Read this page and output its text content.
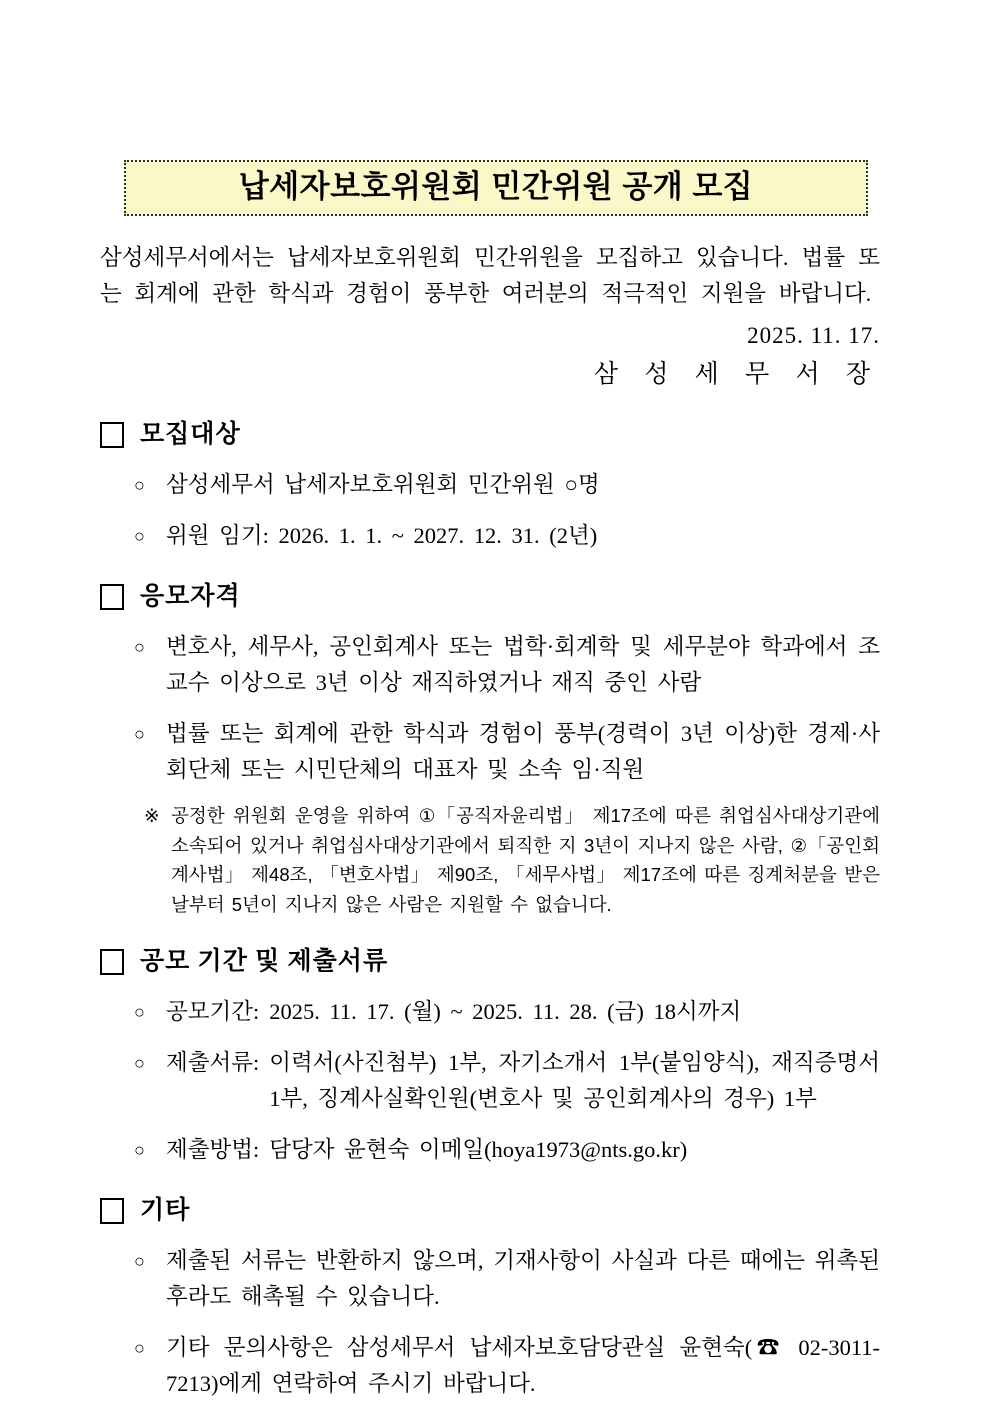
납세자보호위원회 민간위원 공개 모집

삼성세무서에서는 납세자보호위원회 민간위원을 모집하고 있습니다. 법률 또는 회계에 관한 학식과 경험이 풍부한 여러분의 적극적인 지원을 바랍니다.

2025. 11. 17.
삼 성 세 무 서 장
모집대상
○ 삼성세무서 납세자보호위원회 민간위원 ○명
○ 위원 임기: 2026. 1. 1. ~ 2027. 12. 31. (2년)
응모자격
○ 변호사, 세무사, 공인회계사 또는 법학·회계학 및 세무분야 학과에서 조교수 이상으로 3년 이상 재직하였거나 재직 중인 사람
○ 법률 또는 회계에 관한 학식과 경험이 풍부(경력이 3년 이상)한 경제·사회단체 또는 시민단체의 대표자 및 소속 임·직원
※ 공정한 위원회 운영을 위하여 ①「공직자윤리법」 제17조에 따른 취업심사대상기관에 소속되어 있거나 취업심사대상기관에서 퇴직한 지 3년이 지나지 않은 사람, ②「공인회계사법」 제48조, 「변호사법」 제90조, 「세무사법」 제17조에 따른 징계처분을 받은 날부터 5년이 지나지 않은 사람은 지원할 수 없습니다.
공모 기간 및 제출서류
○ 공모기간: 2025. 11. 17. (월) ~ 2025. 11. 28. (금) 18시까지
○ 제출서류: 이력서(사진첨부) 1부, 자기소개서 1부(붙임양식), 재직증명서 1부, 징계사실확인원(변호사 및 공인회계사의 경우) 1부
○ 제출방법: 담당자 윤현숙 이메일(hoya1973@nts.go.kr)
기타
○ 제출된 서류는 반환하지 않으며, 기재사항이 사실과 다른 때에는 위촉된 후라도 해촉될 수 있습니다.
○ 기타 문의사항은 삼성세무서 납세자보호담당관실 윤현숙(☎ 02-3011-7213)에게 연락하여 주시기 바랍니다.
